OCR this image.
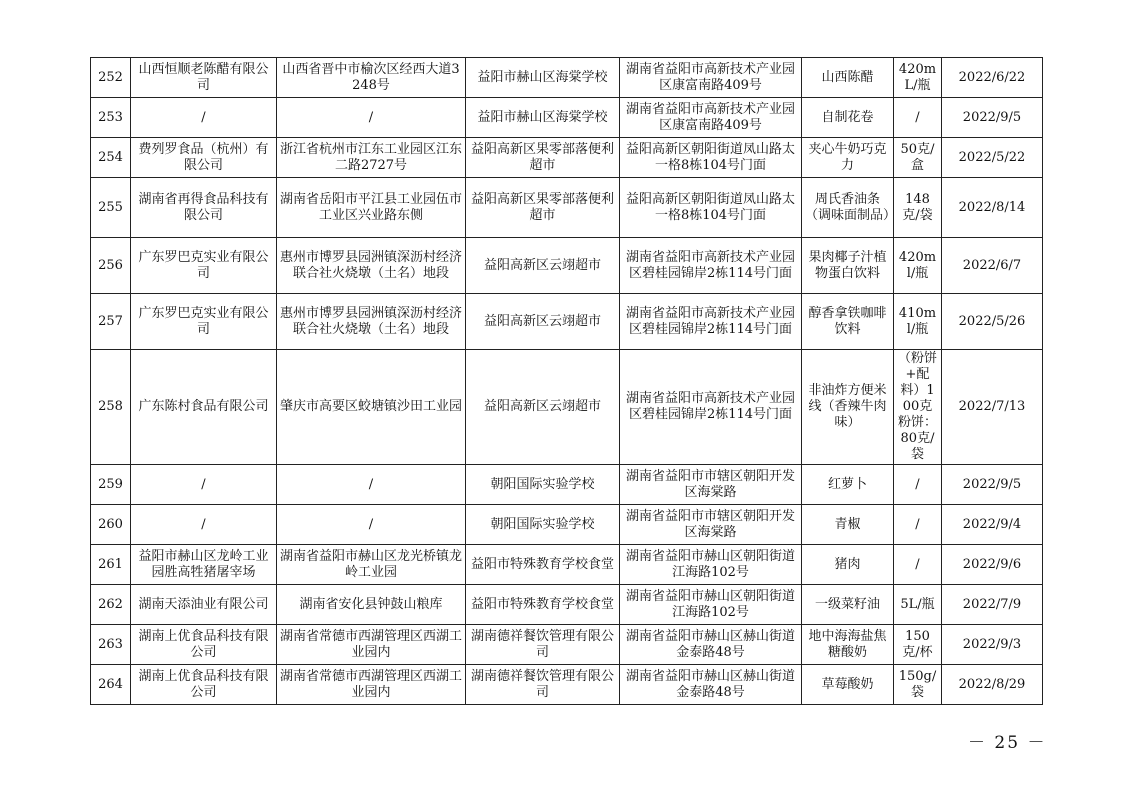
252	山西恒顺老陈醋有限公司	山西省晋中市榆次区经西大道3248号	益阳市赫山区海棠学校	湖南省益阳市高新技术产业园区康富南路409号	山西陈醋	420mL/瓶	2022/6/22
253	/	/	益阳市赫山区海棠学校	湖南省益阳市高新技术产业园区康富南路409号	自制花卷	/	2022/9/5
254	费列罗食品（杭州）有限公司	浙江省杭州市江东工业园区江东二路2727号	益阳高新区果零部落便利超市	益阳高新区朝阳街道凤山路太一格8栋104号门面	夹心牛奶巧克力	50克/盒	2022/5/22
255	湖南省再得食品科技有限公司	湖南省岳阳市平江县工业园伍市工业区兴业路东侧	益阳高新区果零部落便利超市	益阳高新区朝阳街道凤山路太一格8栋104号门面	周氏香油条（调味面制品）	148克/袋	2022/8/14
256	广东罗巴克实业有限公司	惠州市博罗县园洲镇深沥村经济联合社火烧墩（土名）地段	益阳高新区云翊超市	湖南省益阳市高新技术产业园区碧桂园锦岸2栋114号门面	果肉椰子汁植物蛋白饮料	420ml/瓶	2022/6/7
257	广东罗巴克实业有限公司	惠州市博罗县园洲镇深沥村经济联合社火烧墩（土名）地段	益阳高新区云翊超市	湖南省益阳市高新技术产业园区碧桂园锦岸2栋114号门面	醇香拿铁咖啡饮料	410ml/瓶	2022/5/26
258	广东陈村食品有限公司	肇庆市高要区蛟塘镇沙田工业园	益阳高新区云翊超市	湖南省益阳市高新技术产业园区碧桂园锦岸2栋114号门面	非油炸方便米线（香辣牛肉味）	（粉饼+配料）100克粉饼：80克/袋	2022/7/13
259	/	/	朝阳国际实验学校	湖南省益阳市市辖区朝阳开发区海棠路	红萝卜	/	2022/9/5
260	/	/	朝阳国际实验学校	湖南省益阳市市辖区朝阳开发区海棠路	青椒	/	2022/9/4
261	益阳市赫山区龙岭工业园胜高牲猪屠宰场	湖南省益阳市赫山区龙光桥镇龙岭工业园	益阳市特殊教育学校食堂	湖南省益阳市赫山区朝阳街道江海路102号	猪肉	/	2022/9/6
262	湖南天添油业有限公司	湖南省安化县钟鼓山粮库	益阳市特殊教育学校食堂	湖南省益阳市赫山区朝阳街道江海路102号	一级菜籽油	5L/瓶	2022/7/9
263	湖南上优食品科技有限公司	湖南省常德市西湖管理区西湖工业园内	湖南德祥餐饮管理有限公司	湖南省益阳市赫山区赫山街道金泰路48号	地中海海盐焦糖酸奶	150克/杯	2022/9/3
264	湖南上优食品科技有限公司	湖南省常德市西湖管理区西湖工业园内	湖南德祥餐饮管理有限公司	湖南省益阳市赫山区赫山街道金泰路48号	草莓酸奶	150g/袋	2022/8/29
－ 25 －
